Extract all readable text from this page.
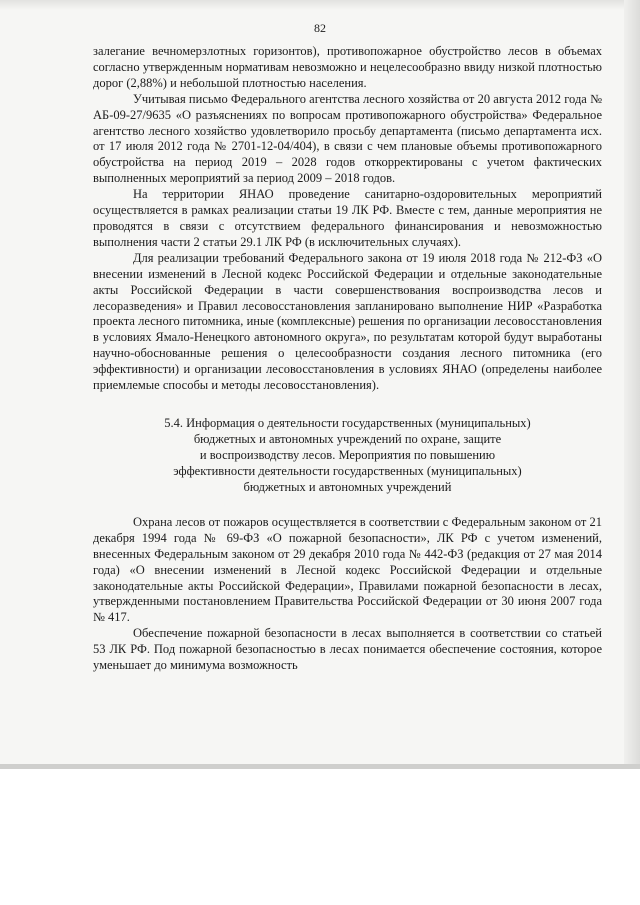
82

залегание вечномерзлотных горизонтов), противопожарное обустройство лесов в объемах согласно утвержденным нормативам невозможно и нецелесообразно ввиду низкой плотностью дорог (2,88%) и небольшой плотностью населения.

Учитывая письмо Федерального агентства лесного хозяйства от 20 августа 2012 года № АБ-09-27/9635 «О разъяснениях по вопросам противопожарного обустройства» Федеральное агентство лесного хозяйство удовлетворило просьбу департамента (письмо департамента исх. от 17 июля 2012 года № 2701-12-04/404), в связи с чем плановые объемы противопожарного обустройства на период 2019 – 2028 годов откорректированы с учетом фактических выполненных мероприятий за период 2009 – 2018 годов.

На территории ЯНАО проведение санитарно-оздоровительных мероприятий осуществляется в рамках реализации статьи 19 ЛК РФ. Вместе с тем, данные мероприятия не проводятся в связи с отсутствием федерального финансирования и невозможностью выполнения части 2 статьи 29.1 ЛК РФ (в исключительных случаях).

Для реализации требований Федерального закона от 19 июля 2018 года № 212-ФЗ «О внесении изменений в Лесной кодекс Российской Федерации и отдельные законодательные акты Российской Федерации в части совершенствования воспроизводства лесов и лесоразведения» и Правил лесовосстановления запланировано выполнение НИР «Разработка проекта лесного питомника, иные (комплексные) решения по организации лесовосстановления в условиях Ямало-Ненецкого автономного округа», по результатам которой будут выработаны научно-обоснованные решения о целесообразности создания лесного питомника (его эффективности) и организации лесовосстановления в условиях ЯНАО (определены наиболее приемлемые способы и методы лесовосстановления).

5.4. Информация о деятельности государственных (муниципальных)
бюджетных и автономных учреждений по охране, защите
и воспроизводству лесов. Мероприятия по повышению
эффективности деятельности государственных (муниципальных)
бюджетных и автономных учреждений

Охрана лесов от пожаров осуществляется в соответствии с Федеральным законом от 21 декабря 1994 года № 69-ФЗ «О пожарной безопасности», ЛК РФ с учетом изменений, внесенных Федеральным законом от 29 декабря 2010 года № 442-ФЗ (редакция от 27 мая 2014 года) «О внесении изменений в Лесной кодекс Российской Федерации и отдельные законодательные акты Российской Федерации», Правилами пожарной безопасности в лесах, утвержденными постановлением Правительства Российской Федерации от 30 июня 2007 года № 417.

Обеспечение пожарной безопасности в лесах выполняется в соответствии со статьей 53 ЛК РФ. Под пожарной безопасностью в лесах понимается обеспечение состояния, которое уменьшает до минимума возможность
